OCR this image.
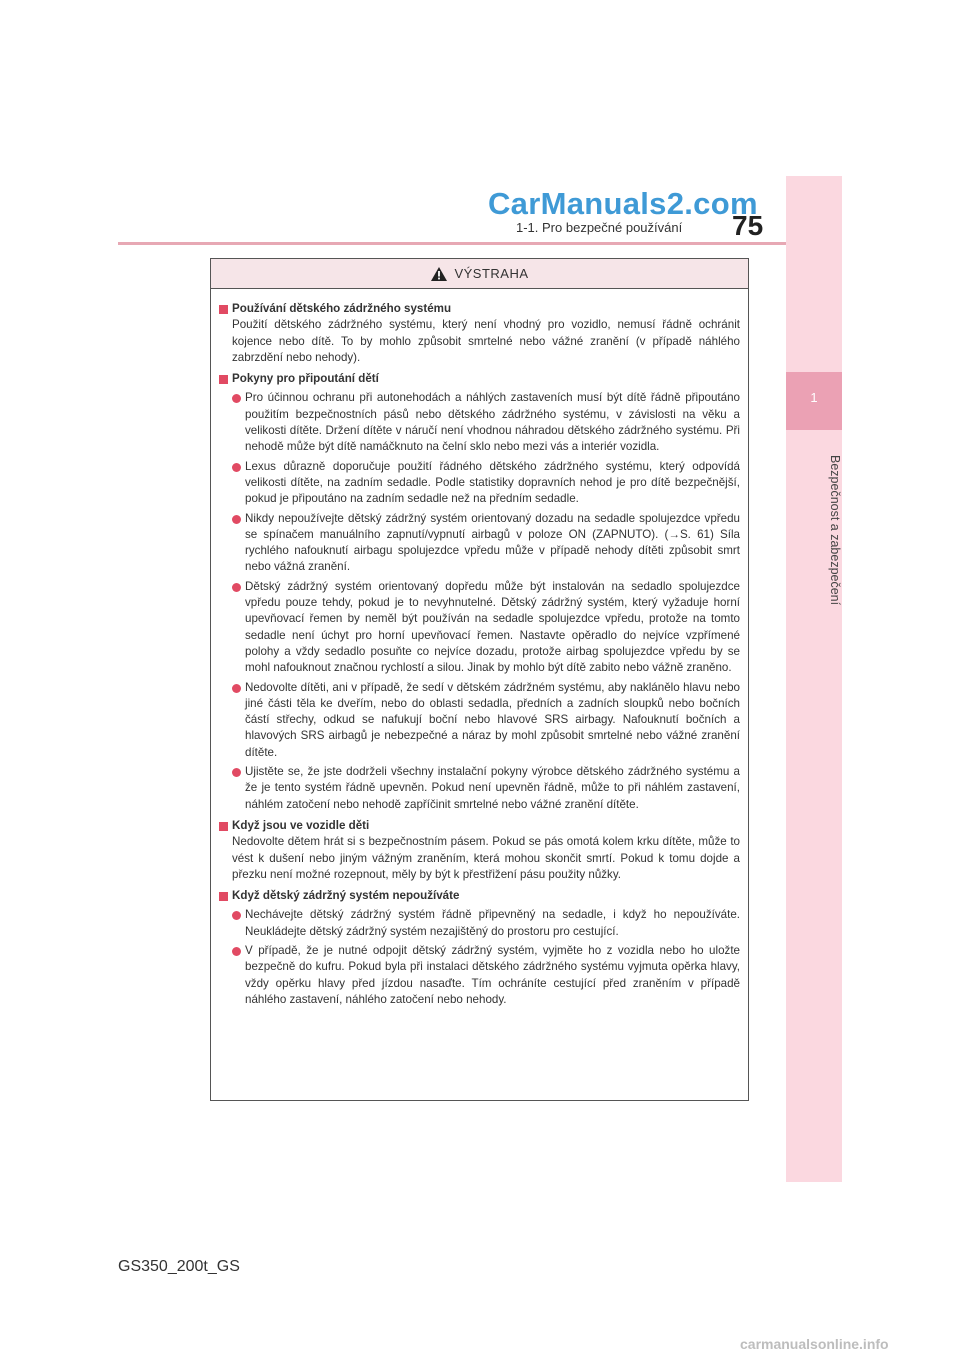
1
Bezpečnost a zabezpečení
CarManuals2.com
1-1. Pro bezpečné používání 75
VÝSTRAHA
Používání dětského zádržného systému
Použití dětského zádržného systému, který není vhodný pro vozidlo, nemusí řádně ochránit kojence nebo dítě. To by mohlo způsobit smrtelné nebo vážné zranění (v případě náhlého zabrzdění nebo nehody).
Pokyny pro připoutání dětí
Pro účinnou ochranu při autonehodách a náhlých zastaveních musí být dítě řádně připoutáno použitím bezpečnostních pásů nebo dětského zádržného systému, v závislosti na věku a velikosti dítěte. Držení dítěte v náručí není vhodnou náhradou dětského zádržného systému. Při nehodě může být dítě namáčknuto na čelní sklo nebo mezi vás a interiér vozidla.
Lexus důrazně doporučuje použití řádného dětského zádržného systému, který odpovídá velikosti dítěte, na zadním sedadle. Podle statistiky dopravních nehod je pro dítě bezpečnější, pokud je připoutáno na zadním sedadle než na předním sedadle.
Nikdy nepoužívejte dětský zádržný systém orientovaný dozadu na sedadle spolujezdce vpředu se spínačem manuálního zapnutí/vypnutí airbagů v poloze ON (ZAPNUTO). (→S. 61) Síla rychlého nafouknutí airbagu spolujezdce vpředu může v případě nehody dítěti způsobit smrt nebo vážná zranění.
Dětský zádržný systém orientovaný dopředu může být instalován na sedadlo spolujezdce vpředu pouze tehdy, pokud je to nevyhnutelné. Dětský zádržný systém, který vyžaduje horní upevňovací řemen by neměl být používán na sedadle spolujezdce vpředu, protože na tomto sedadle není úchyt pro horní upevňovací řemen. Nastavte opěradlo do nejvíce vzpřímené polohy a vždy sedadlo posuňte co nejvíce dozadu, protože airbag spolujezdce vpředu by se mohl nafouknout značnou rychlostí a silou. Jinak by mohlo být dítě zabito nebo vážně zraněno.
Nedovolte dítěti, ani v případě, že sedí v dětském zádržném systému, aby naklánělo hlavu nebo jiné části těla ke dveřím, nebo do oblasti sedadla, předních a zadních sloupků nebo bočních částí střechy, odkud se nafukují boční nebo hlavové SRS airbagy. Nafouknutí bočních a hlavových SRS airbagů je nebezpečné a náraz by mohl způsobit smrtelné nebo vážné zranění dítěte.
Ujistěte se, že jste dodrželi všechny instalační pokyny výrobce dětského zádržného systému a že je tento systém řádně upevněn. Pokud není upevněn řádně, může to při náhlém zastavení, náhlém zatočení nebo nehodě zapříčinit smrtelné nebo vážné zranění dítěte.
Když jsou ve vozidle děti
Nedovolte dětem hrát si s bezpečnostním pásem. Pokud se pás omotá kolem krku dítěte, může to vést k dušení nebo jiným vážným zraněním, která mohou skončit smrtí. Pokud k tomu dojde a přezku není možné rozepnout, měly by být k přestřižení pásu použity nůžky.
Když dětský zádržný systém nepoužíváte
Nechávejte dětský zádržný systém řádně připevněný na sedadle, i když ho nepoužíváte. Neukládejte dětský zádržný systém nezajištěný do prostoru pro cestující.
V případě, že je nutné odpojit dětský zádržný systém, vyjměte ho z vozidla nebo ho uložte bezpečně do kufru. Pokud byla při instalaci dětského zádržného systému vyjmuta opěrka hlavy, vždy opěrku hlavy před jízdou nasaďte. Tím ochráníte cestující před zraněním v případě náhlého zastavení, náhlého zatočení nebo nehody.
GS350_200t_GS
carmanualsonline.info
